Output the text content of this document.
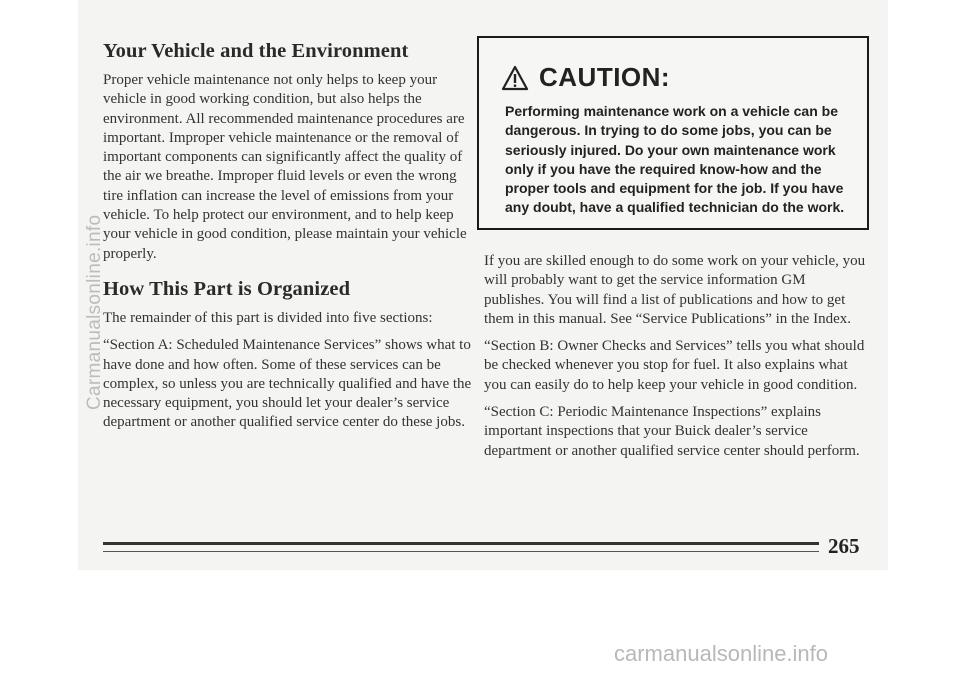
Your Vehicle and the Environment

Proper vehicle maintenance not only helps to keep your vehicle in good working condition, but also helps the environment. All recommended maintenance procedures are important. Improper vehicle maintenance or the removal of important components can significantly affect the quality of the air we breathe. Improper fluid levels or even the wrong tire inflation can increase the level of emissions from your vehicle. To help protect our environment, and to help keep your vehicle in good condition, please maintain your vehicle properly.

How This Part is Organized

The remainder of this part is divided into five sections:

“Section A: Scheduled Maintenance Services” shows what to have done and how often. Some of these services can be complex, so unless you are technically qualified and have the necessary equipment, you should let your dealer’s service department or another qualified service center do these jobs.

CAUTION:
Performing maintenance work on a vehicle can be dangerous. In trying to do some jobs, you can be seriously injured. Do your own maintenance work only if you have the required know-how and the proper tools and equipment for the job. If you have any doubt, have a qualified technician do the work.

If you are skilled enough to do some work on your vehicle, you will probably want to get the service information GM publishes. You will find a list of publications and how to get them in this manual. See “Service Publications” in the Index.

“Section B: Owner Checks and Services” tells you what should be checked whenever you stop for fuel. It also explains what you can easily do to help keep your vehicle in good condition.

“Section C: Periodic Maintenance Inspections” explains important inspections that your Buick dealer’s service department or another qualified service center should perform.

265
Carmanualsonline.info
carmanualsonline.info
